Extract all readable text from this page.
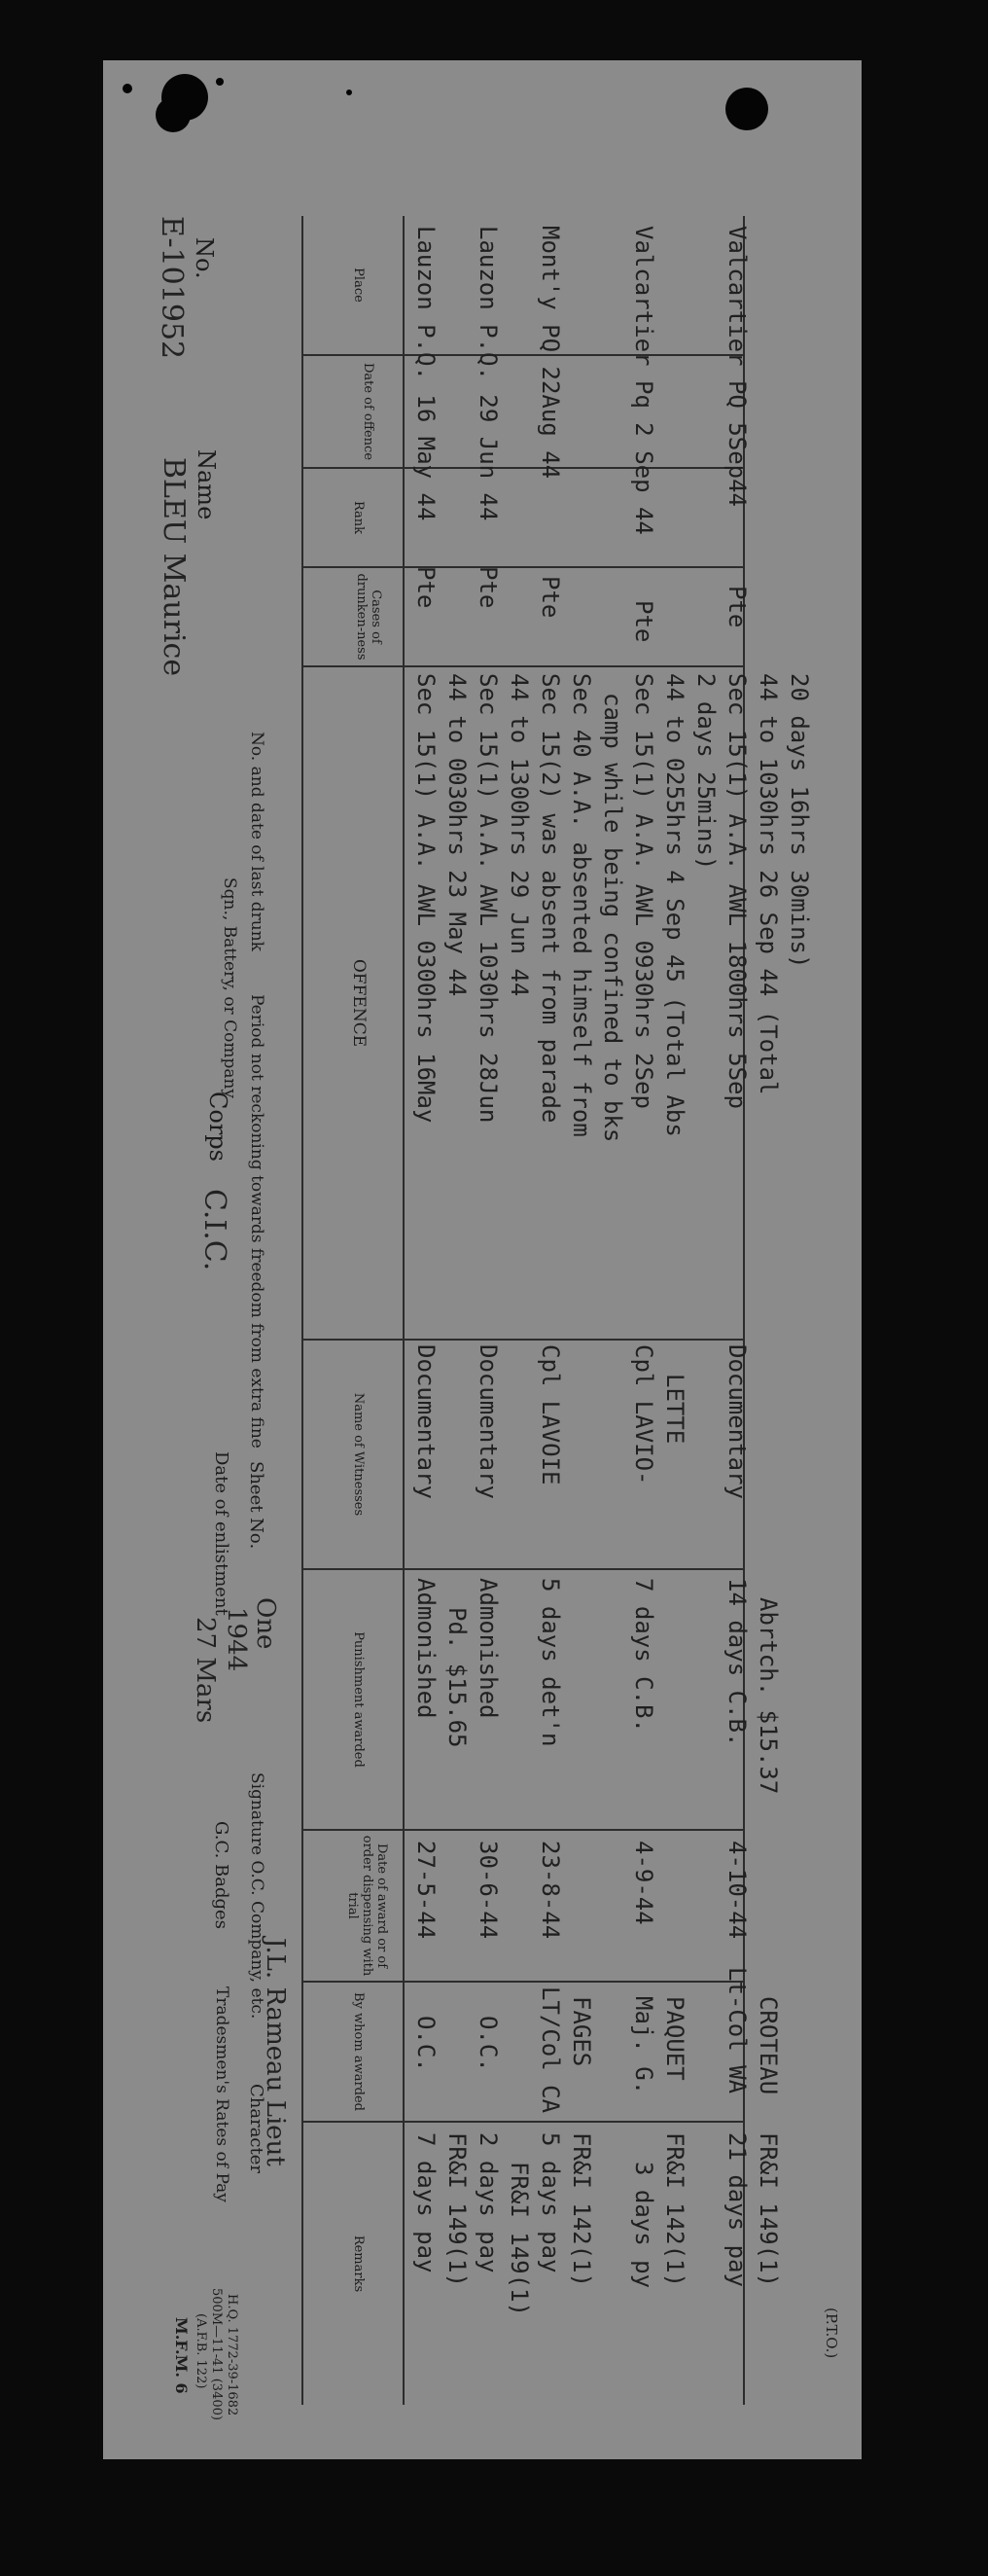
E-101952 No.
BLEU Maurice Name
Sqn., Battery, or Company
No. and date of last drunk
Corps
C.I.C. Period not reckoning towards freedom from extra fine
Date of enlistment
27 Mars 1944
Sheet No.
One
G.C. Badges Signature O.C. Company, etc.
Tradesmen's Rates of Pay Character
J.L. Rameau Lieut
M.F.M. 6 (A.F.B. 122) 500M—11-41 (3400) H.Q. 1772-39-1682
Place
Date of offence
Rank
Cases of drunken-ness
OFFENCE
Name of Witnesses
Punishment awarded
Date of award or of order dispensing with trial
By whom awarded
Remarks
Lauzon P.Q. 16 May 44
Pte
Sec 15(1) A.A. AWL 0300hrs 16May
Documentary
Admonished
27-5-44
O.C.
7 days pay
44 to 0030hrs 23 May 44
Pd. $15.65
FR&I 149(1)
Lauzon P.Q. 29 Jun 44
Pte
Sec 15(1) A.A. AWL 1030hrs 28Jun
Documentary
Admonished
30-6-44
O.C.
2 days pay
44 to 1300hrs 29 Jun 44
FR&I 149(1)
Mont'y PQ 22Aug 44
Pte
Sec 15(2) was absent from parade
Cpl LAVOIE
5 days det'n
23-8-44
LT/Col CA
5 days pay
Sec 40 A.A. absented himself from
FAGES
FR&I 142(1)
camp while being confined to bks
Valcartier Pq 2 Sep 44
Pte
Sec 15(1) A.A. AWL 0930hrs 2Sep
Cpl LAVIO-
7 days C.B.
4-9-44
Maj. G.
3 days py
44 to 0255hrs 4 Sep 45 (Total Abs
LETTE
PAQUET
FR&I 142(1)
2 days 25mins)
Valcartier PQ 5Sep44
Pte
Sec 15(1) A.A. AWL 1800hrs 5Sep
Documentary
14 days C.B.
4-10-44
Lt-Col WA
21 days pay
44 to 1030hrs 26 Sep 44 (Total
Abrtch. $15.37
CROTEAU
FR&I 149(1)
20 days 16hrs 30mins)
(P.T.O.)
